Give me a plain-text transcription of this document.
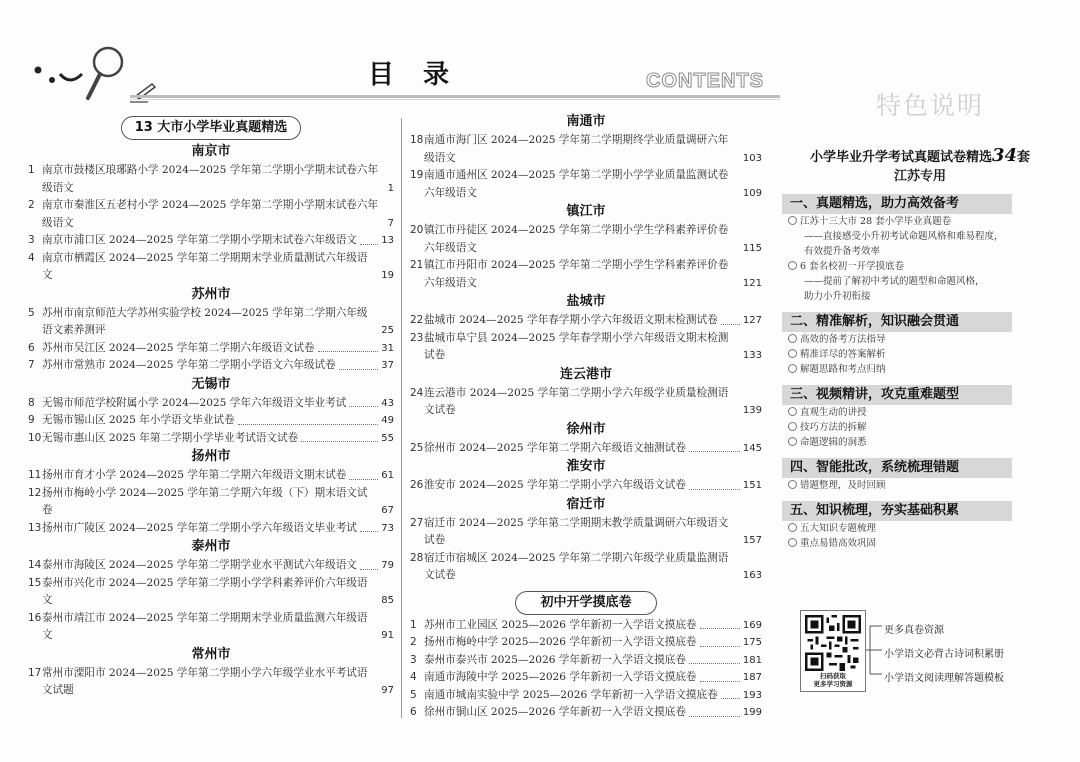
目 录	CONTENTS
13 大市小学毕业真题精选
南京市
1 南京市鼓楼区琅琊路小学 2024—2025 学年第二学期小学期末试卷六年级语文	1
2 南京市秦淮区五老村小学 2024—2025 学年第二学期小学期末试卷六年级语文	7
3 南京市浦口区 2024—2025 学年第二学期小学期末试卷六年级语文 13
4 南京市栖霞区 2024—2025 学年第二学期期末学业质量测试六年级语文	19
苏州市
5 苏州市南京师范大学苏州实验学校 2024—2025 学年第二学期六年级语文素养测评	25
6 苏州市吴江区 2024—2025 学年第二学期六年级语文试卷	31
7 苏州市常熟市 2024—2025 学年第二学期小学语文六年级试卷	37
无锡市
8 无锡市师范学校附属小学 2024—2025 学年六年级语文毕业考试	43
9 无锡市锡山区 2025 年小学语文毕业试卷	49
10 无锡市惠山区 2025 年第二学期小学毕业考试语文试卷	55
扬州市
11 扬州市育才小学 2024—2025 学年第二学期六年级语文期末试卷	61
12 扬州市梅岭小学 2024—2025 学年第二学期六年级（下）期末语文试卷	67
13 扬州市广陵区 2024—2025 学年第二学期小学六年级语文毕业考试 73
泰州市
14 泰州市海陵区 2024—2025 学年第二学期学业水平测试六年级语文 79
15 泰州市兴化市 2024—2025 学年第二学期小学学科素养评价六年级语文	85
16 泰州市靖江市 2024—2025 学年第二学期期末学业质量监测六年级语文	91
常州市
17 常州市溧阳市 2024—2025 学年第二学期小学六年级学业水平考试语文试题	97
南通市
18 南通市海门区 2024—2025 学年第二学期期终学业质量调研六年级语文	103
19 南通市通州区 2024—2025 学年第二学期小学学业质量监测试卷六年级语文	109
镇江市
20 镇江市丹徒区 2024—2025 学年第二学期小学生学科素养评价卷六年级语文	115
21 镇江市丹阳市 2024—2025 学年第二学期小学生学科素养评价卷六年级语文	121
盐城市
22 盐城市 2024—2025 学年春学期小学六年级语文期末检测试卷	127
23 盐城市阜宁县 2024—2025 学年春学期小学六年级语文期末检测试卷	133
连云港市
24 连云港市 2024—2025 学年第二学期小学六年级学业质量检测语文试卷	139
徐州市
25 徐州市 2024—2025 学年第二学期六年级语文抽测试卷	145
淮安市
26 淮安市 2024—2025 学年第二学期小学六年级语文试卷	151
宿迁市
27 宿迁市 2024—2025 学年第二学期期末教学质量调研六年级语文试卷	157
28 宿迁市宿城区 2024—2025 学年第二学期六年级学业质量监测语文试卷	163
初中开学摸底卷
1 苏州市工业园区 2025—2026 学年新初一入学语文摸底卷	169
2 扬州市梅岭中学 2025—2026 学年新初一入学语文摸底卷	175
3 泰州市泰兴市 2025—2026 学年新初一入学语文摸底卷	181
4 南通市海陵中学 2025—2026 学年新初一入学语文摸底卷	187
5 南通市城南实验中学 2025—2026 学年新初一入学语文摸底卷	193
6 徐州市铜山区 2025—2026 学年新初一入学语文摸底卷	199
特色说明
小学毕业升学考试真题试卷精选34套
江苏专用
一、真题精选，助力高效备考
江苏十三大市 28 套小学毕业真题卷
——直接感受小升初考试命题风格和难易程度，
有效提升备考效率
6 套名校初一开学摸底卷
——提前了解初中考试的题型和命题风格，
助力小升初衔接
二、精准解析，知识融会贯通
高效的备考方法指导
精准详尽的答案解析
解题思路和考点归纳
三、视频精讲，攻克重难题型
直观生动的讲授
技巧方法的拆解
命题逻辑的洞悉
四、智能批改，系统梳理错题
错题整理，及时回顾
五、知识梳理，夯实基础积累
五大知识专题梳理
重点易错高效巩固
扫码获取
更多学习资源
更多真卷资源
小学语文必背古诗词积累册
小学语文阅读理解答题模板
